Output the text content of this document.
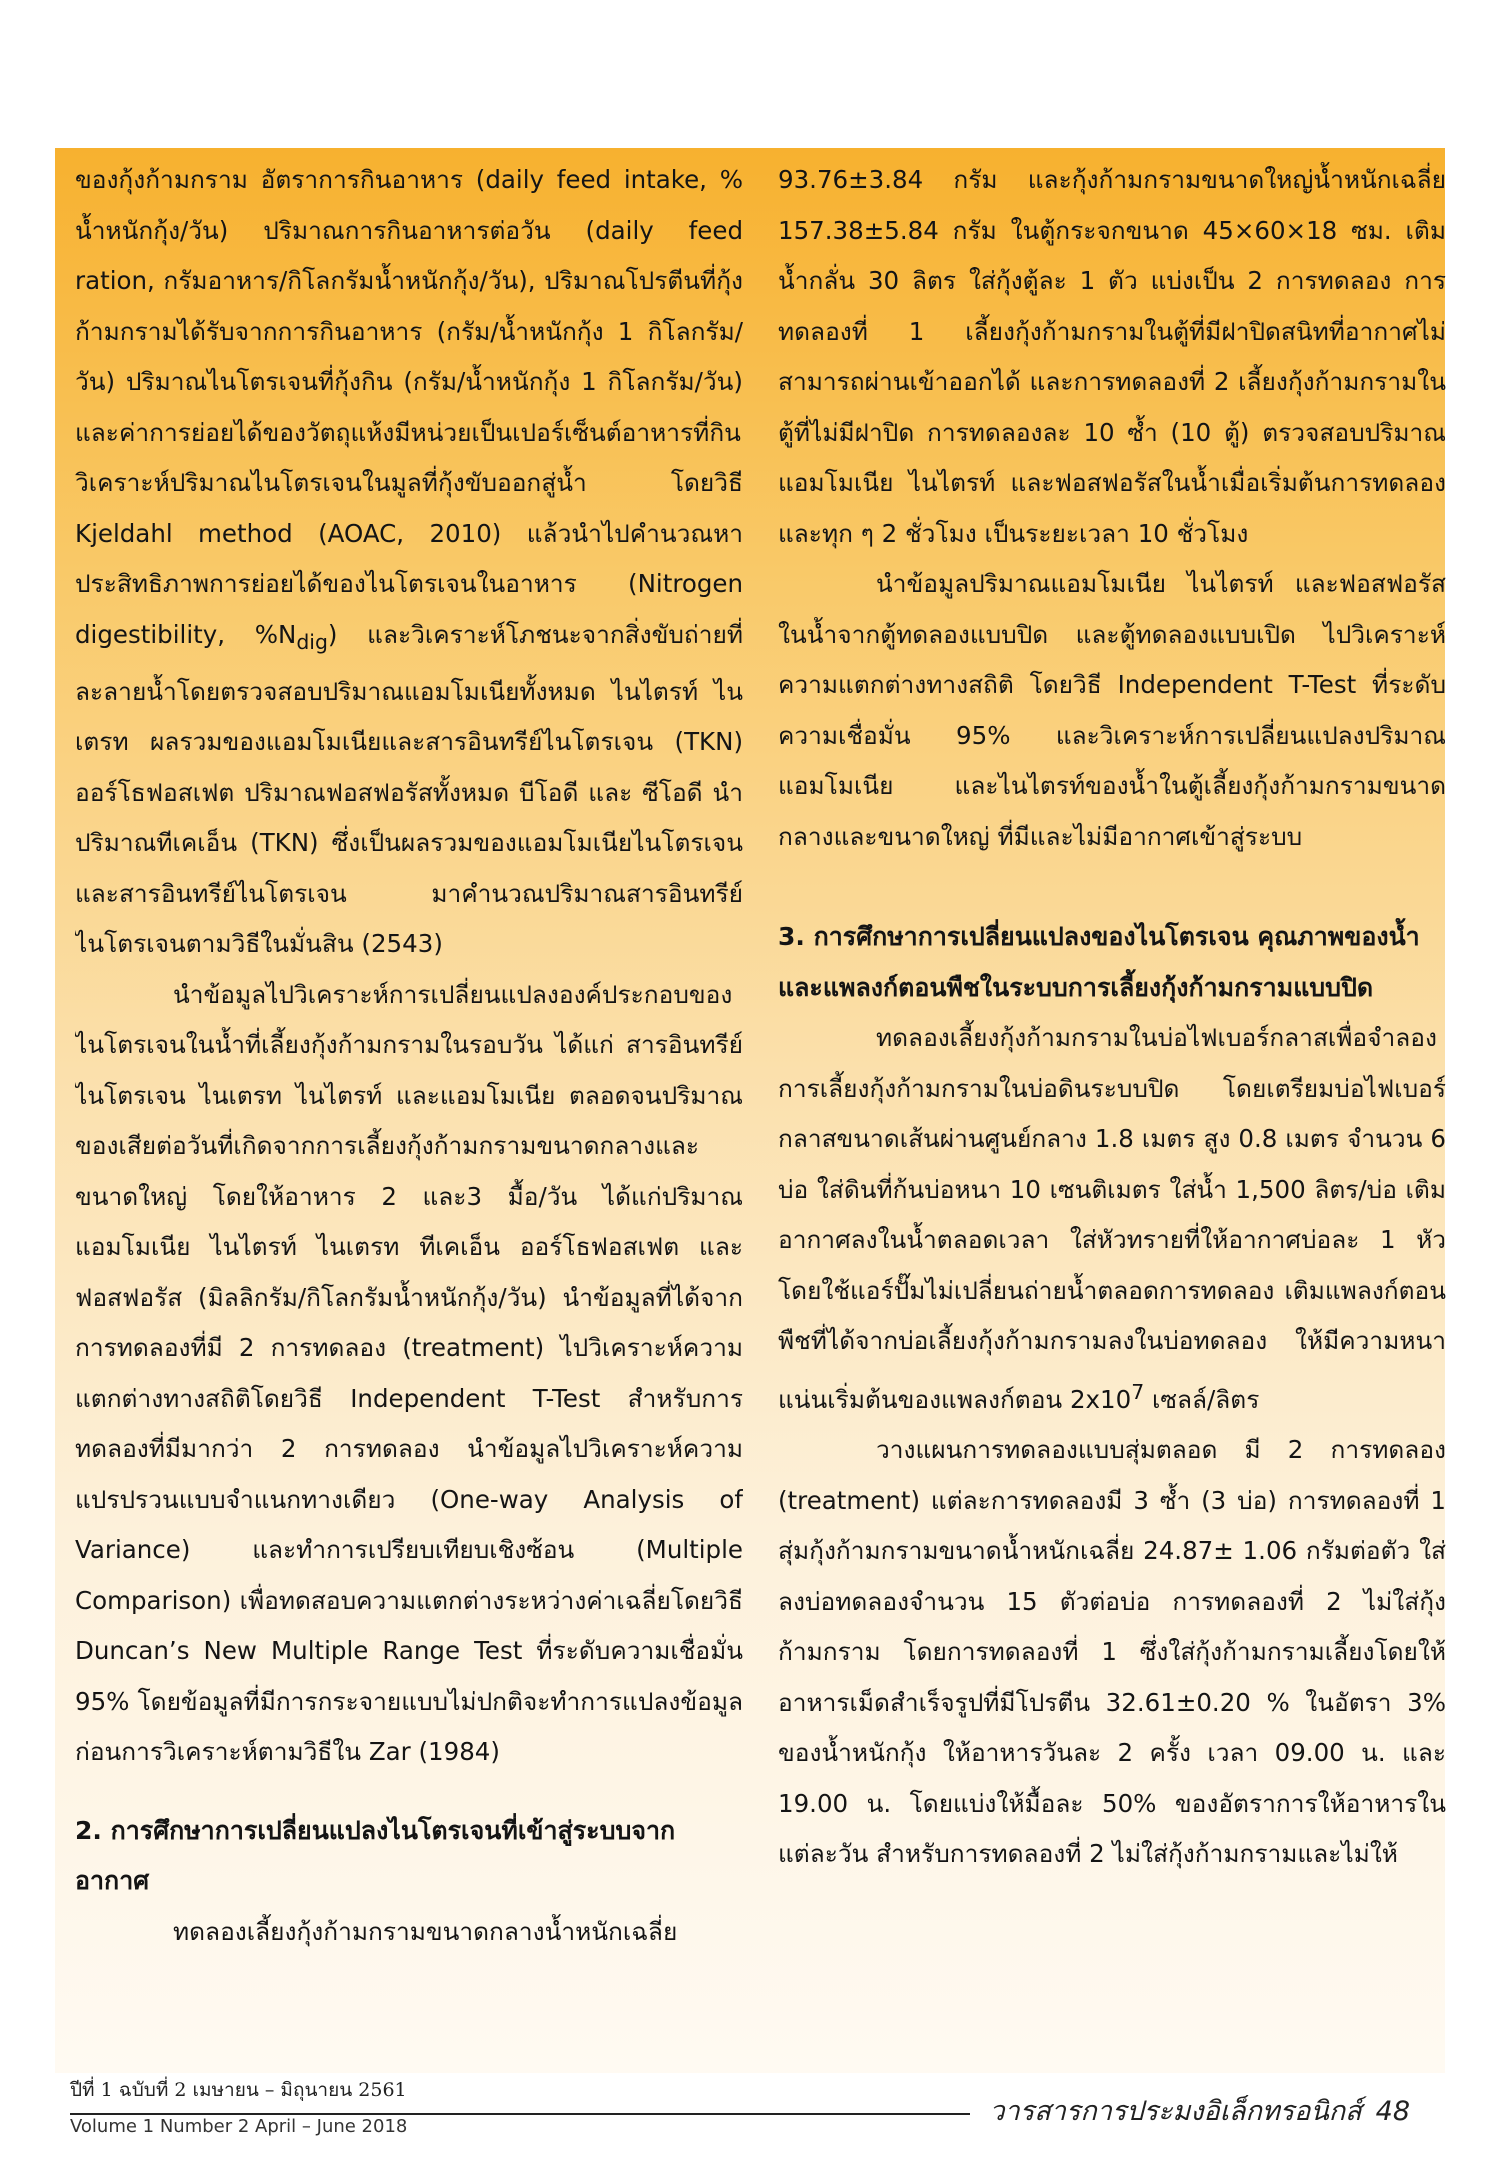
ของกุ้งก้ามกราม อัตราการกินอาหาร (daily feed intake, % น้ำหนักกุ้ง/วัน) ปริมาณการกินอาหารต่อวัน (daily feed ration, กรัมอาหาร/กิโลกรัมน้ำหนักกุ้ง/วัน), ปริมาณโปรตีนที่กุ้งก้ามกรามได้รับจากการกินอาหาร (กรัม/น้ำหนักกุ้ง 1 กิโลกรัม/วัน) ปริมาณไนโตรเจนที่กุ้งกิน (กรัม/น้ำหนักกุ้ง 1 กิโลกรัม/วัน) และค่าการย่อยได้ของวัตถุแห้งมีหน่วยเป็นเปอร์เซ็นต์อาหารที่กิน วิเคราะห์ปริมาณไนโตรเจนในมูลที่กุ้งขับออกสู่น้ำ โดยวิธี Kjeldahl method (AOAC, 2010) แล้วนำไปคำนวณหาประสิทธิภาพการย่อยได้ของไนโตรเจนในอาหาร (Nitrogen digestibility, $\%N_{dig}$) และวิเคราะห์โภชนะจากสิ่งขับถ่ายที่ละลายน้ำโดยตรวจสอบปริมาณแอมโมเนียทั้งหมด ไนไตรท์ ไนเตรท ผลรวมของแอมโมเนียและสารอินทรีย์ไนโตรเจน (TKN) ออร์โธฟอสเฟต ปริมาณฟอสฟอรัสทั้งหมด บีโอดี และ ซีโอดี นำปริมาณทีเคเอ็น (TKN) ซึ่งเป็นผลรวมของแอมโมเนียไนโตรเจนและสารอินทรีย์ไนโตรเจน มาคำนวณปริมาณสารอินทรีย์ไนโตรเจนตามวิธีในมั่นสิน (2543)

นำข้อมูลไปวิเคราะห์การเปลี่ยนแปลงองค์ประกอบของไนโตรเจนในน้ำที่เลี้ยงกุ้งก้ามกรามในรอบวัน ได้แก่ สารอินทรีย์ไนโตรเจน ไนเตรท ไนไตรท์ และแอมโมเนีย ตลอดจนปริมาณของเสียต่อวันที่เกิดจากการเลี้ยงกุ้งก้ามกรามขนาดกลางและขนาดใหญ่ โดยให้อาหาร 2 และ3 มื้อ/วัน ได้แก่ปริมาณแอมโมเนีย ไนไตรท์ ไนเตรท ทีเคเอ็น ออร์โธฟอสเฟต และฟอสฟอรัส (มิลลิกรัม/กิโลกรัมน้ำหนักกุ้ง/วัน) นำข้อมูลที่ได้จากการทดลองที่มี 2 การทดลอง (treatment) ไปวิเคราะห์ความแตกต่างทางสถิติโดยวิธี Independent T-Test สำหรับการทดลองที่มีมากว่า 2 การทดลอง นำข้อมูลไปวิเคราะห์ความแปรปรวนแบบจำแนกทางเดียว (One-way Analysis of Variance) และทำการเปรียบเทียบเชิงซ้อน (Multiple Comparison) เพื่อทดสอบความแตกต่างระหว่างค่าเฉลี่ยโดยวิธี Duncan’s New Multiple Range Test ที่ระดับความเชื่อมั่น 95% โดยข้อมูลที่มีการกระจายแบบไม่ปกติจะทำการแปลงข้อมูลก่อนการวิเคราะห์ตามวิธีใน Zar (1984)

2. การศึกษาการเปลี่ยนแปลงไนโตรเจนที่เข้าสู่ระบบจากอากาศ

ทดลองเลี้ยงกุ้งก้ามกรามขนาดกลางน้ำหนักเฉลี่ย

93.76±3.84 กรัม และกุ้งก้ามกรามขนาดใหญ่น้ำหนักเฉลี่ย 157.38±5.84 กรัม ในตู้กระจกขนาด 45×60×18 ซม. เติมน้ำกลั่น 30 ลิตร ใส่กุ้งตู้ละ 1 ตัว แบ่งเป็น 2 การทดลอง การทดลองที่ 1 เลี้ยงกุ้งก้ามกรามในตู้ที่มีฝาปิดสนิทที่อากาศไม่สามารถผ่านเข้าออกได้ และการทดลองที่ 2 เลี้ยงกุ้งก้ามกรามในตู้ที่ไม่มีฝาปิด การทดลองละ 10 ซ้ำ (10 ตู้) ตรวจสอบปริมาณแอมโมเนีย ไนไตรท์ และฟอสฟอรัสในน้ำเมื่อเริ่มต้นการทดลอง และทุก ๆ 2 ชั่วโมง เป็นระยะเวลา 10 ชั่วโมง

นำข้อมูลปริมาณแอมโมเนีย ไนไตรท์ และฟอสฟอรัสในน้ำจากตู้ทดลองแบบปิด และตู้ทดลองแบบเปิด ไปวิเคราะห์ความแตกต่างทางสถิติ โดยวิธี Independent T-Test ที่ระดับความเชื่อมั่น 95% และวิเคราะห์การเปลี่ยนแปลงปริมาณแอมโมเนีย และไนไตรท์ของน้ำในตู้เลี้ยงกุ้งก้ามกรามขนาดกลางและขนาดใหญ่ ที่มีและไม่มีอากาศเข้าสู่ระบบ

3. การศึกษาการเปลี่ยนแปลงของไนโตรเจน คุณภาพของน้ำ และแพลงก์ตอนพืชในระบบการเลี้ยงกุ้งก้ามกรามแบบปิด

ทดลองเลี้ยงกุ้งก้ามกรามในบ่อไฟเบอร์กลาสเพื่อจำลองการเลี้ยงกุ้งก้ามกรามในบ่อดินระบบปิด โดยเตรียมบ่อไฟเบอร์กลาสขนาดเส้นผ่านศูนย์กลาง 1.8 เมตร สูง 0.8 เมตร จำนวน 6 บ่อ ใส่ดินที่ก้นบ่อหนา 10 เซนติเมตร ใส่น้ำ 1,500 ลิตร/บ่อ เติมอากาศลงในน้ำตลอดเวลา ใส่หัวทรายที่ให้อากาศบ่อละ 1 หัว โดยใช้แอร์ปั๊มไม่เปลี่ยนถ่ายน้ำตลอดการทดลอง เติมแพลงก์ตอนพืชที่ได้จากบ่อเลี้ยงกุ้งก้ามกรามลงในบ่อทดลอง ให้มีความหนาแน่นเริ่มต้นของแพลงก์ตอน $2x10^7$ เซลล์/ลิตร

วางแผนการทดลองแบบสุ่มตลอด มี 2 การทดลอง (treatment) แต่ละการทดลองมี 3 ซ้ำ (3 บ่อ) การทดลองที่ 1 สุ่มกุ้งก้ามกรามขนาดน้ำหนักเฉลี่ย 24.87± 1.06 กรัมต่อตัว ใส่ลงบ่อทดลองจำนวน 15 ตัวต่อบ่อ การทดลองที่ 2 ไม่ใส่กุ้งก้ามกราม โดยการทดลองที่ 1 ซึ่งใส่กุ้งก้ามกรามเลี้ยงโดยให้อาหารเม็ดสำเร็จรูปที่มีโปรตีน 32.61±0.20 % ในอัตรา 3% ของน้ำหนักกุ้ง ให้อาหารวันละ 2 ครั้ง เวลา 09.00 น. และ 19.00 น. โดยแบ่งให้มื้อละ 50% ของอัตราการให้อาหารในแต่ละวัน สำหรับการทดลองที่ 2 ไม่ใส่กุ้งก้ามกรามและไม่ให้

ปีที่ 1 ฉบับที่ 2 เมษายน – มิถุนายน 2561
Volume 1 Number 2 April – June 2018	วารสารการประมงอิเล็กทรอนิกส์ 48
